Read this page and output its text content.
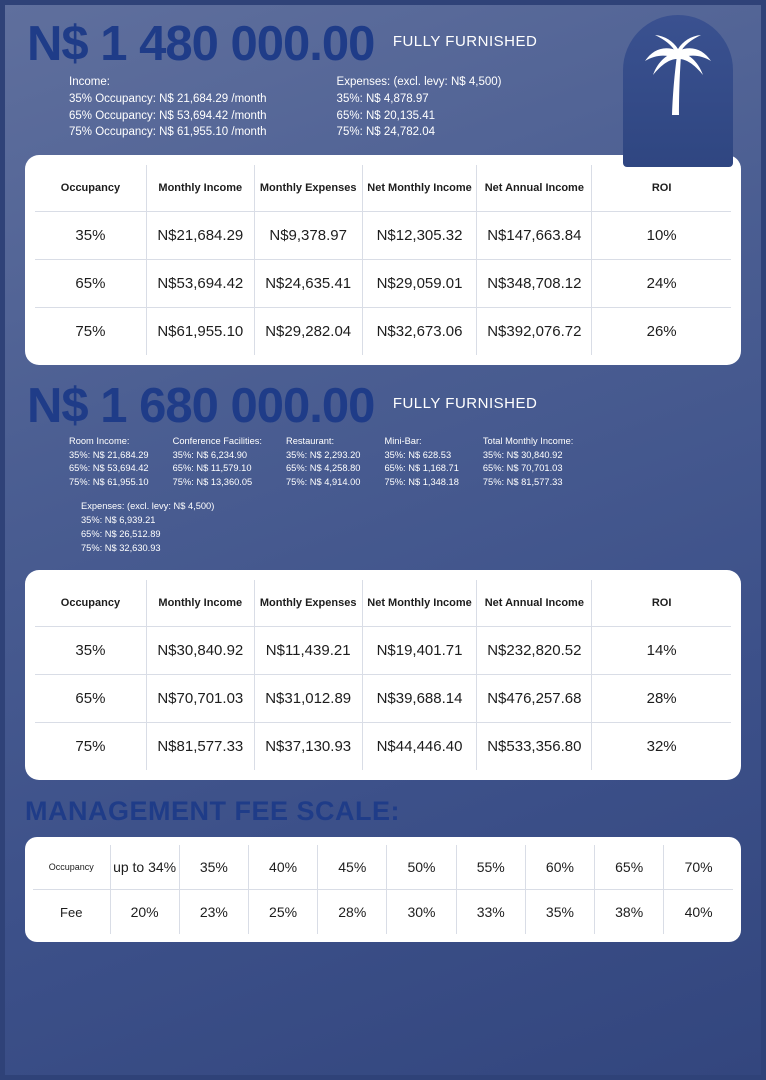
N$ 1 480 000.00 FULLY FURNISHED
Income:
35% Occupancy: N$ 21,684.29 /month
65% Occupancy: N$ 53,694.42 /month
75% Occupancy: N$ 61,955.10 /month
Expenses: (excl. levy: N$ 4,500)
35%: N$ 4,878.97
65%: N$ 20,135.41
75%: N$ 24,782.04
Occupancy	Monthly Income	Monthly Expenses	Net Monthly Income	Net Annual Income	ROI
35%	N$21,684.29	N$9,378.97	N$12,305.32	N$147,663.84	10%
65%	N$53,694.42	N$24,635.41	N$29,059.01	N$348,708.12	24%
75%	N$61,955.10	N$29,282.04	N$32,673.06	N$392,076.72	26%
N$ 1 680 000.00 FULLY FURNISHED
Room Income:
35%: N$ 21,684.29
65%: N$ 53,694.42
75%: N$ 61,955.10
Conference Facilities:
35%: N$ 6,234.90
65%: N$ 11,579.10
75%: N$ 13,360.05
Restaurant:
35%: N$ 2,293.20
65%: N$ 4,258.80
75%: N$ 4,914.00
Mini-Bar:
35%: N$ 628.53
65%: N$ 1,168.71
75%: N$ 1,348.18
Total Monthly Income:
35%: N$ 30,840.92
65%: N$ 70,701.03
75%: N$ 81,577.33
Expenses: (excl. levy: N$ 4,500)
35%: N$ 6,939.21
65%: N$ 26,512.89
75%: N$ 32,630.93
Occupancy	Monthly Income	Monthly Expenses	Net Monthly Income	Net Annual Income	ROI
35%	N$30,840.92	N$11,439.21	N$19,401.71	N$232,820.52	14%
65%	N$70,701.03	N$31,012.89	N$39,688.14	N$476,257.68	28%
75%	N$81,577.33	N$37,130.93	N$44,446.40	N$533,356.80	32%
MANAGEMENT FEE SCALE:
Occupancy	up to 34%	35%	40%	45%	50%	55%	60%	65%	70%
Fee	20%	23%	25%	28%	30%	33%	35%	38%	40%
